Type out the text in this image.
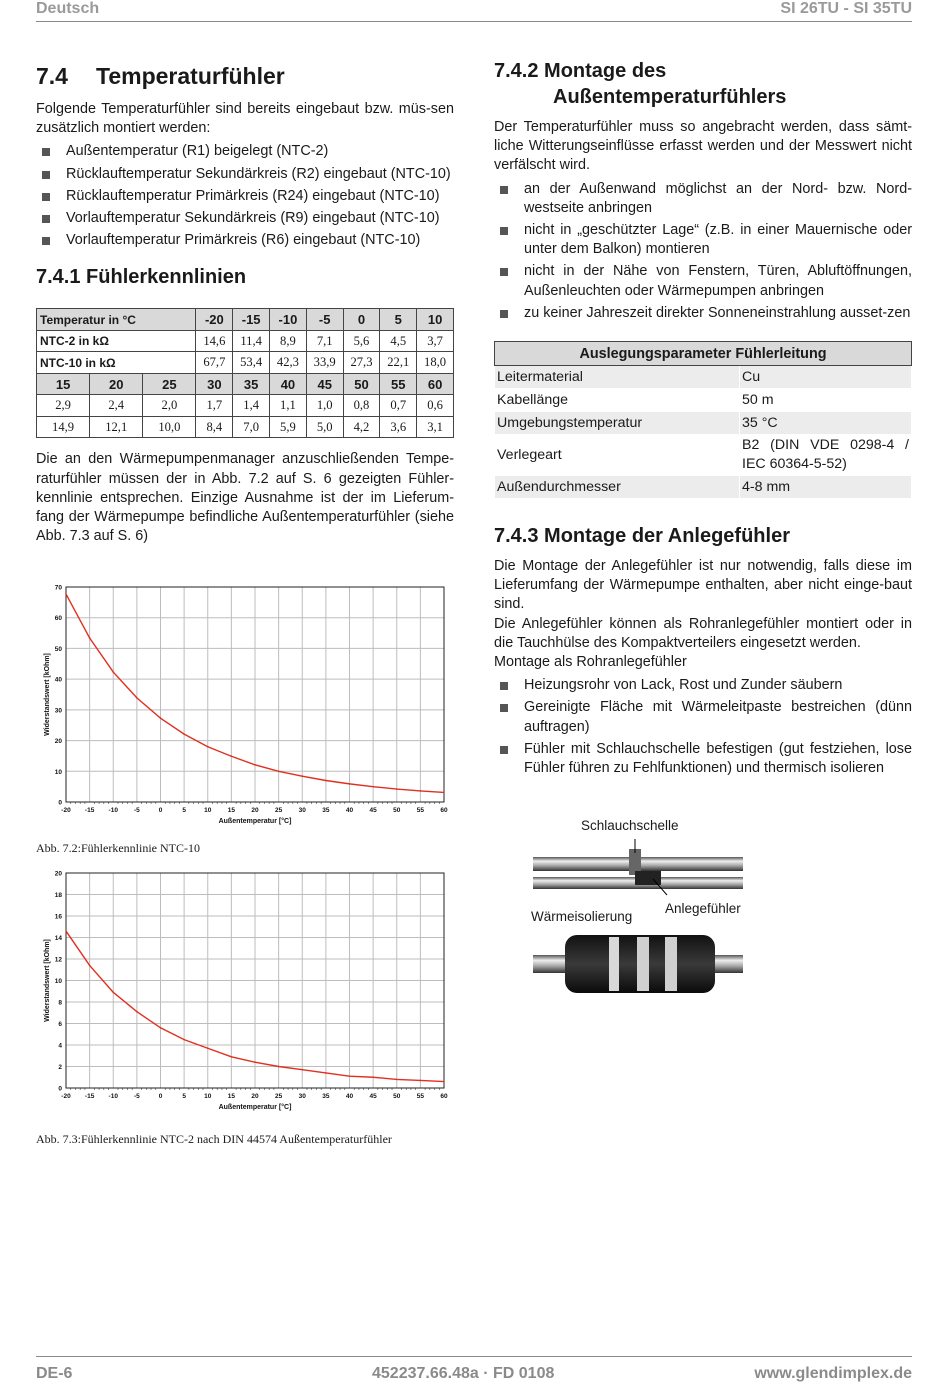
Deutsch	SI 26TU - SI 35TU
7.4 Temperaturfühler

Folgende Temperaturfühler sind bereits eingebaut bzw. müs-sen zusätzlich montiert werden:

Außentemperatur (R1) beigelegt (NTC-2)
Rücklauftemperatur Sekundärkreis (R2) eingebaut (NTC-10)
Rücklauftemperatur Primärkreis (R24) eingebaut (NTC-10)
Vorlauftemperatur Sekundärkreis (R9) eingebaut (NTC-10)
Vorlauftemperatur Primärkreis (R6) eingebaut (NTC-10)
7.4.1 Fühlerkennlinien
Temperatur in °C			-20	-15	-10	-5	0	5	10
NTC-2 in kΩ			14,6	11,4	8,9	7,1	5,6	4,5	3,7
NTC-10 in kΩ			67,7	53,4	42,3	33,9	27,3	22,1	18,0
15	20	25	30	35	40	45	50	55	60
2,9	2,4	2,0	1,7	1,4	1,1	1,0	0,8	0,7	0,6
14,9	12,1	10,0	8,4	7,0	5,9	5,0	4,2	3,6	3,1

Die an den Wärmepumpenmanager anzuschließenden Tempe-raturfühler müssen der in Abb. 7.2 auf S. 6 gezeigten Fühler-kennlinie entsprechen. Einzige Ausnahme ist der im Lieferum-fang der Wärmepumpe befindliche Außentemperaturfühler (siehe Abb. 7.3 auf S. 6)

-20 -15 -10 -5	0	5	10	15	20	25	30	35	40	45	50	55	60
0
10
20
30
40
50
60
70
Außentemperatur [°C]
Widerstandswert [kOhm]
Abb. 7.2:Fühlerkennlinie NTC-10
-20 -15 -10 -5	0	5	10	15	20	25	30	35	40	45	50	55	60
0
2
4
6
8
10
12
14
16
18
20
Außentemperatur [°C]
Widerstandswert [kOhm]
Abb. 7.3:Fühlerkennlinie NTC-2 nach DIN 44574 Außentemperaturfühler
7.4.2 Montage des
Außentemperaturfühlers

Der Temperaturfühler muss so angebracht werden, dass sämt-liche Witterungseinflüsse erfasst werden und der Messwert nicht verfälscht wird.

an der Außenwand möglichst an der Nord- bzw. Nord-westseite anbringen
nicht in „geschützter Lage“ (z.B. in einer Mauernische oder unter dem Balkon) montieren
nicht in der Nähe von Fenstern, Türen, Abluftöffnungen, Außenleuchten oder Wärmepumpen anbringen
zu keiner Jahreszeit direkter Sonneneinstrahlung ausset-zen
Auslegungsparameter Fühlerleitung	
Leitermaterial	Cu
Kabellänge	50 m
Umgebungstemperatur	35 °C
Verlegeart	B2 (DIN VDE 0298-4 / IEC 60364-5-52)
Außendurchmesser	4-8 mm
7.4.3 Montage der Anlegefühler

Die Montage der Anlegefühler ist nur notwendig, falls diese im Lieferumfang der Wärmepumpe enthalten, aber nicht einge-baut sind.

Die Anlegefühler können als Rohranlegefühler montiert oder in die Tauchhülse des Kompaktverteilers eingesetzt werden.

Montage als Rohranlegefühler

Heizungsrohr von Lack, Rost und Zunder säubern
Gereinigte Fläche mit Wärmeleitpaste bestreichen (dünn auftragen)
Fühler mit Schlauchschelle befestigen (gut festziehen, lose Fühler führen zu Fehlfunktionen) und thermisch isolieren
Schlauchschelle
Wärmeisolierung
Anlegefühler
DE-6	452237.66.48a · FD 0108	www.glendimplex.de
